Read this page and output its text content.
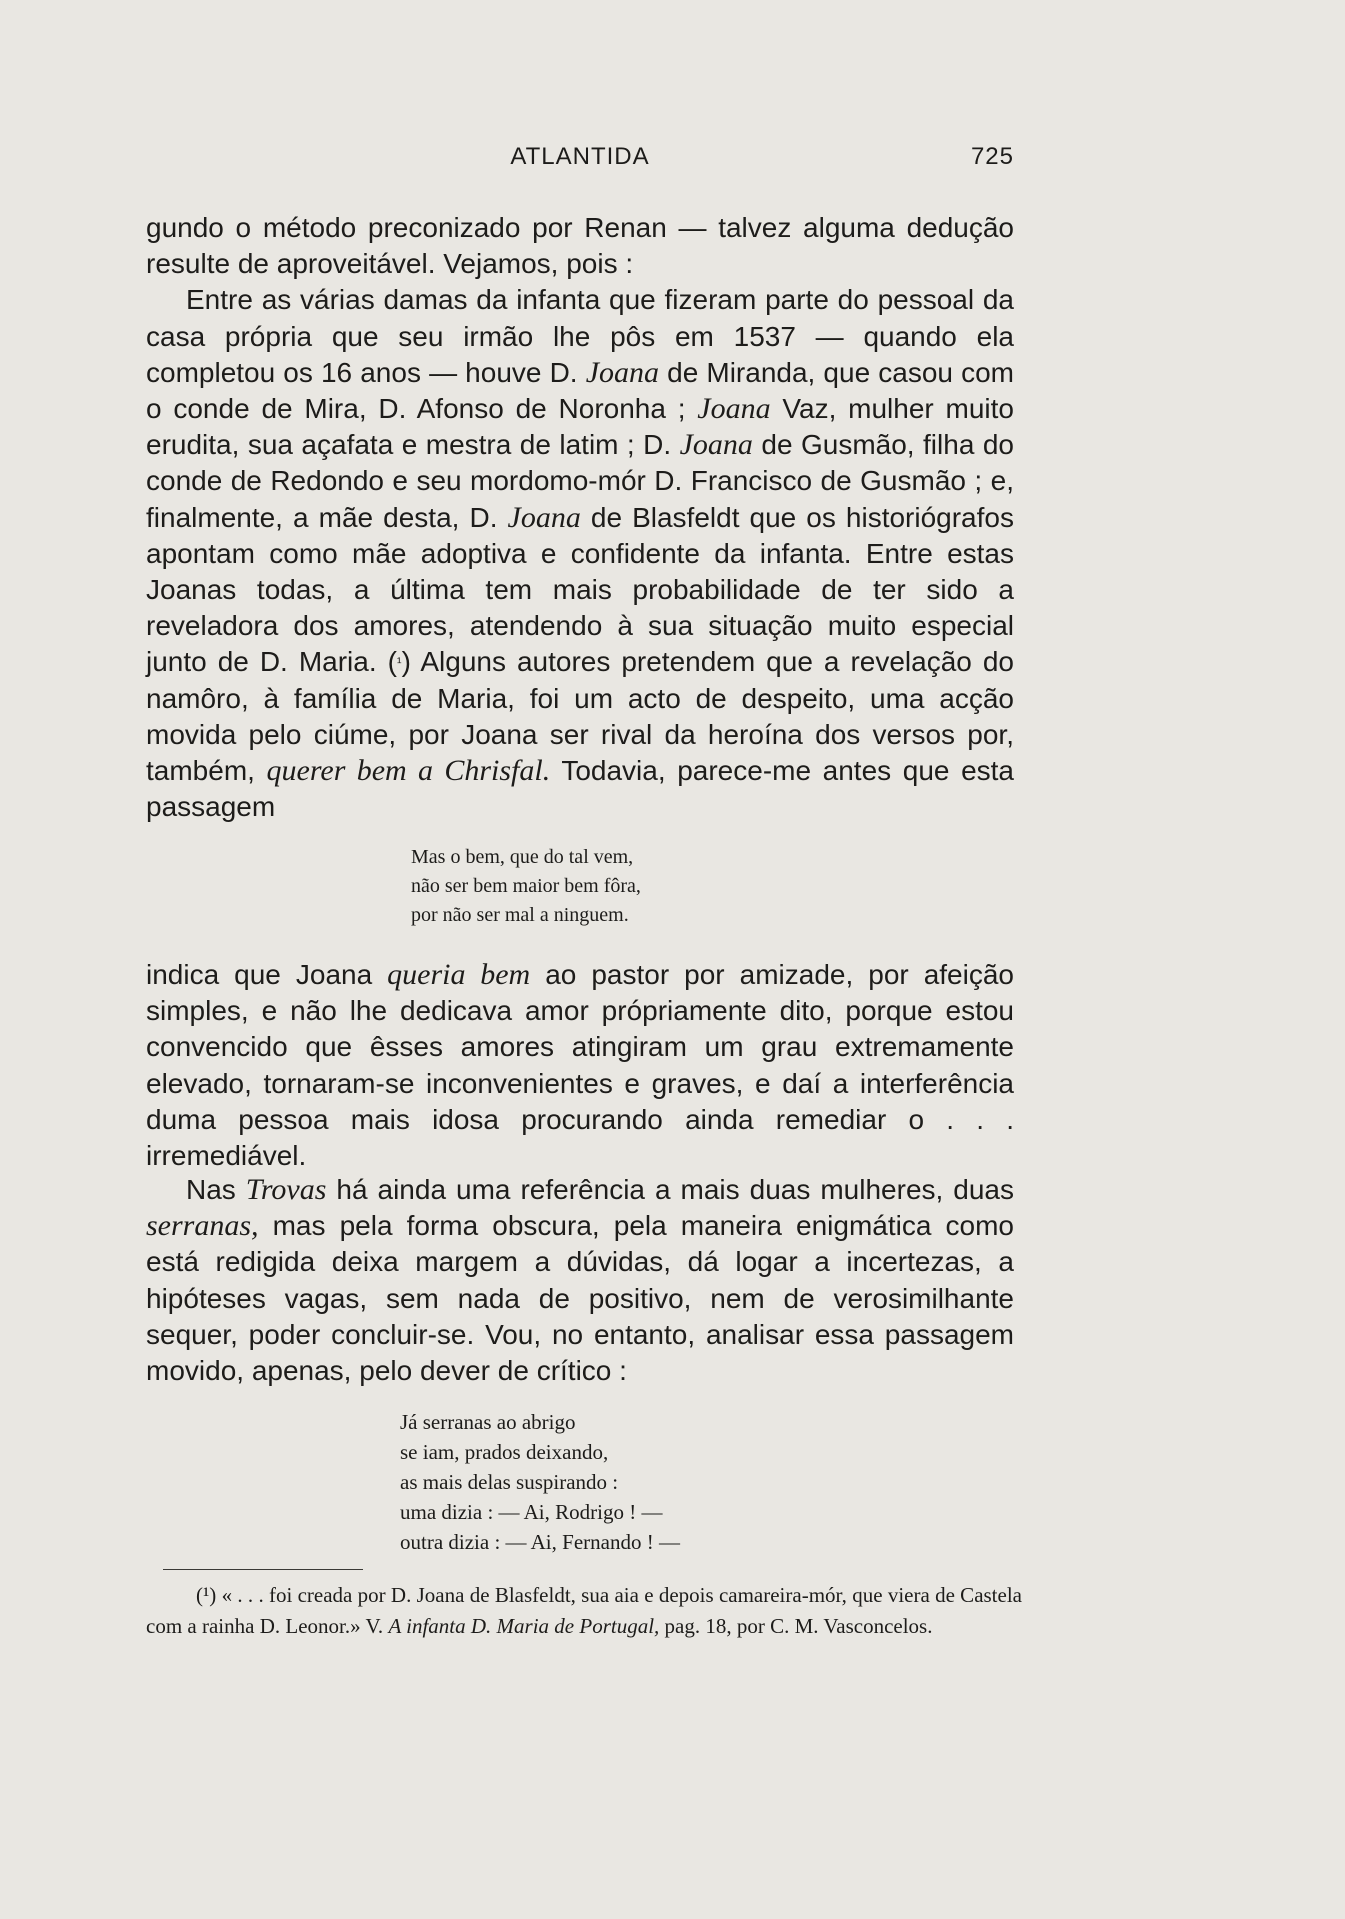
ATLANTIDA	725

gundo o método preconizado por Renan — talvez alguma dedução resulte de aproveitável. Vejamos, pois :

Entre as várias damas da infanta que fizeram parte do pessoal da casa própria que seu irmão lhe pôs em 1537 — quando ela completou os 16 anos — houve D. Joana de Miranda, que casou com o conde de Mira, D. Afonso de Noronha ; Joana Vaz, mulher muito erudita, sua açafata e mestra de latim ; D. Joana de Gusmão, filha do conde de Redondo e seu mordomo-mór D. Francisco de Gusmão ; e, finalmente, a mãe desta, D. Joana de Blasfeldt que os historiógrafos apontam como mãe adoptiva e confidente da infanta. Entre estas Joanas todas, a última tem mais probabilidade de ter sido a reveladora dos amores, atendendo à sua situação muito especial junto de D. Maria. ($^{^1}$) Alguns autores pretendem que a revelação do namôro, à família de Maria, foi um acto de despeito, uma acção movida pelo ciúme, por Joana ser rival da heroína dos versos por, também, querer bem a Chrisfal. Todavia, parece-me antes que esta passagem

Mas o bem, que do tal vem,
não ser bem maior bem fôra,
por não ser mal a ninguem.

indica que Joana queria bem ao pastor por amizade, por afeição simples, e não lhe dedicava amor própriamente dito, porque estou convencido que êsses amores atingiram um grau extremamente elevado, tornaram-se inconvenientes e graves, e daí a interferência duma pessoa mais idosa procurando ainda remediar o . . . irremediável.

Nas Trovas há ainda uma referência a mais duas mulheres, duas serranas, mas pela forma obscura, pela maneira enigmática como está redigida deixa margem a dúvidas, dá logar a incertezas, a hipóteses vagas, sem nada de positivo, nem de verosimilhante sequer, poder concluir-se. Vou, no entanto, analisar essa passagem movido, apenas, pelo dever de crítico :

Já serranas ao abrigo
se iam, prados deixando,
as mais delas suspirando :
uma dizia : — Ai, Rodrigo ! —
outra dizia : — Ai, Fernando ! —

(¹) « . . . foi creada por D. Joana de Blasfeldt, sua aia e depois camareira-mór, que viera de Castela com a rainha D. Leonor.» V. A infanta D. Maria de Portugal, pag. 18, por C. M. Vasconcelos.
